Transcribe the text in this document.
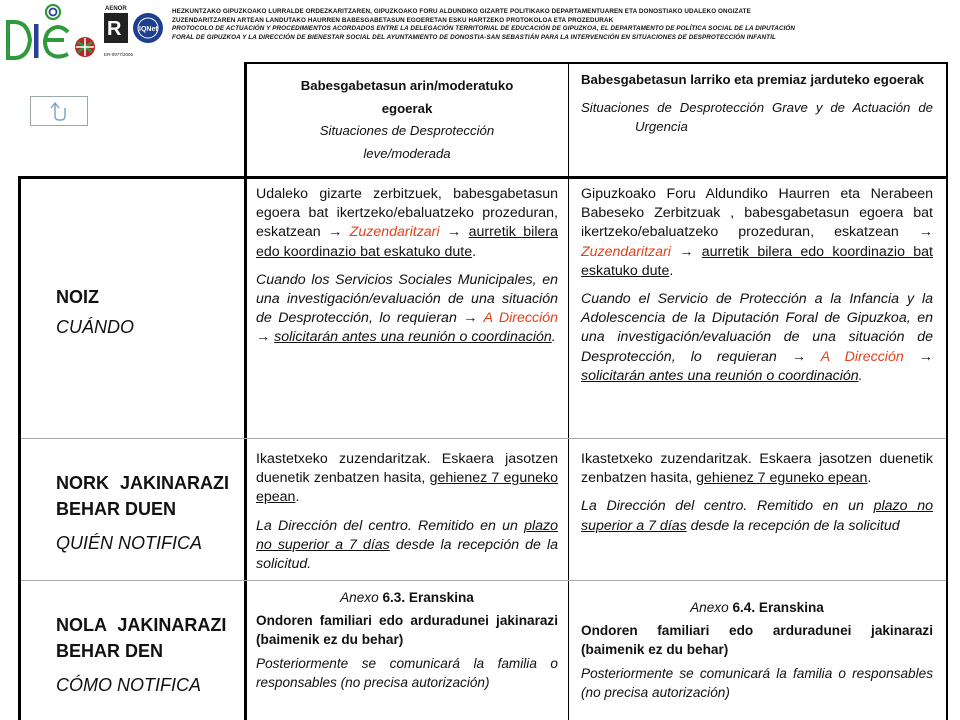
AENOR
R	IQNet
ER-0977/2006
HEZKUNTZAKO GIPUZKOAKO LURRALDE ORDEZKARITZAREN, GIPUZKOAKO FORU ALDUNDIKO GIZARTE POLITIKAKO DEPARTAMENTUAREN ETA DONOSTIAKO UDALEKO ONGIZATE
ZUZENDARITZAREN ARTEAN LANDUTAKO HAURREN BABESGABETASUN EGOERETAN ESKU HARTZEKO PROTOKOLOA ETA PROZEDURAK
PROTOCOLO DE ACTUACIÓN Y PROCEDIMIENTOS ACORDADOS ENTRE LA DELEGACIÓN TERRITORIAL DE EDUCACIÓN DE GIPUZKOA, EL DEPARTAMENTO DE POLÍTICA SOCIAL DE LA DIPUTACIÓN
FORAL DE GIPUZKOA Y LA DIRECCIÓN DE BIENESTAR SOCIAL DEL AYUNTAMIENTO DE DONOSTIA-SAN SEBASTIÁN PARA LA INTERVENCIÓN EN SITUACIONES DE DESPROTECCIÓN INFANTIL
Babesgabetasun arin/moderatuko
egoerak
Situaciones de Desprotección
leve/moderada
Babesgabetasun larriko eta premiaz jarduteko egoerak
Situaciones de Desprotección Grave y de Actuación de Urgencia
NOIZ
CUÁNDO

Udaleko gizarte zerbitzuek, babesgabetasun egoera bat ikertzeko/ebaluatzeko prozeduran, eskatzean → Zuzendaritzari → aurretik bilera edo koordinazio bat eskatuko dute.

Cuando los Servicios Sociales Municipales, en una investigación/evaluación de una situación de Desprotección, lo requieran → A Dirección → solicitarán antes una reunión o coordinación.

Gipuzkoako Foru Aldundiko Haurren eta Nerabeen Babeseko Zerbitzuak , babesgabetasun egoera bat ikertzeko/ebaluatzeko prozeduran, eskatzean → Zuzendaritzari → aurretik bilera edo koordinazio bat eskatuko dute.

Cuando el Servicio de Protección a la Infancia y la Adolescencia de la Diputación Foral de Gipuzkoa, en una investigación/evaluación de una situación de Desprotección, lo requieran → A Dirección → solicitarán antes una reunión o coordinación.

NORK JAKINARAZI
BEHAR DUEN
QUIÉN NOTIFICA

Ikastetxeko zuzendaritzak. Eskaera jasotzen duenetik zenbatzen hasita, gehienez 7 eguneko epean.

La Dirección del centro. Remitido en un plazo no superior a 7 días desde la recepción de la solicitud.

Ikastetxeko zuzendaritzak. Eskaera jasotzen duenetik zenbatzen hasita, gehienez 7 eguneko epean.

La Dirección del centro. Remitido en un plazo no superior a 7 días desde la recepción de la solicitud

NOLA JAKINARAZI
BEHAR DEN
CÓMO NOTIFICA

Anexo 6.3. Eranskina

Ondoren familiari edo arduradunei jakinarazi (baimenik ez du behar)

Posteriormente se comunicará la familia o responsables (no precisa autorización)

Anexo 6.4. Eranskina

Ondoren familiari edo arduradunei jakinarazi (baimenik ez du behar)

Posteriormente se comunicará la familia o responsables (no precisa autorización)
